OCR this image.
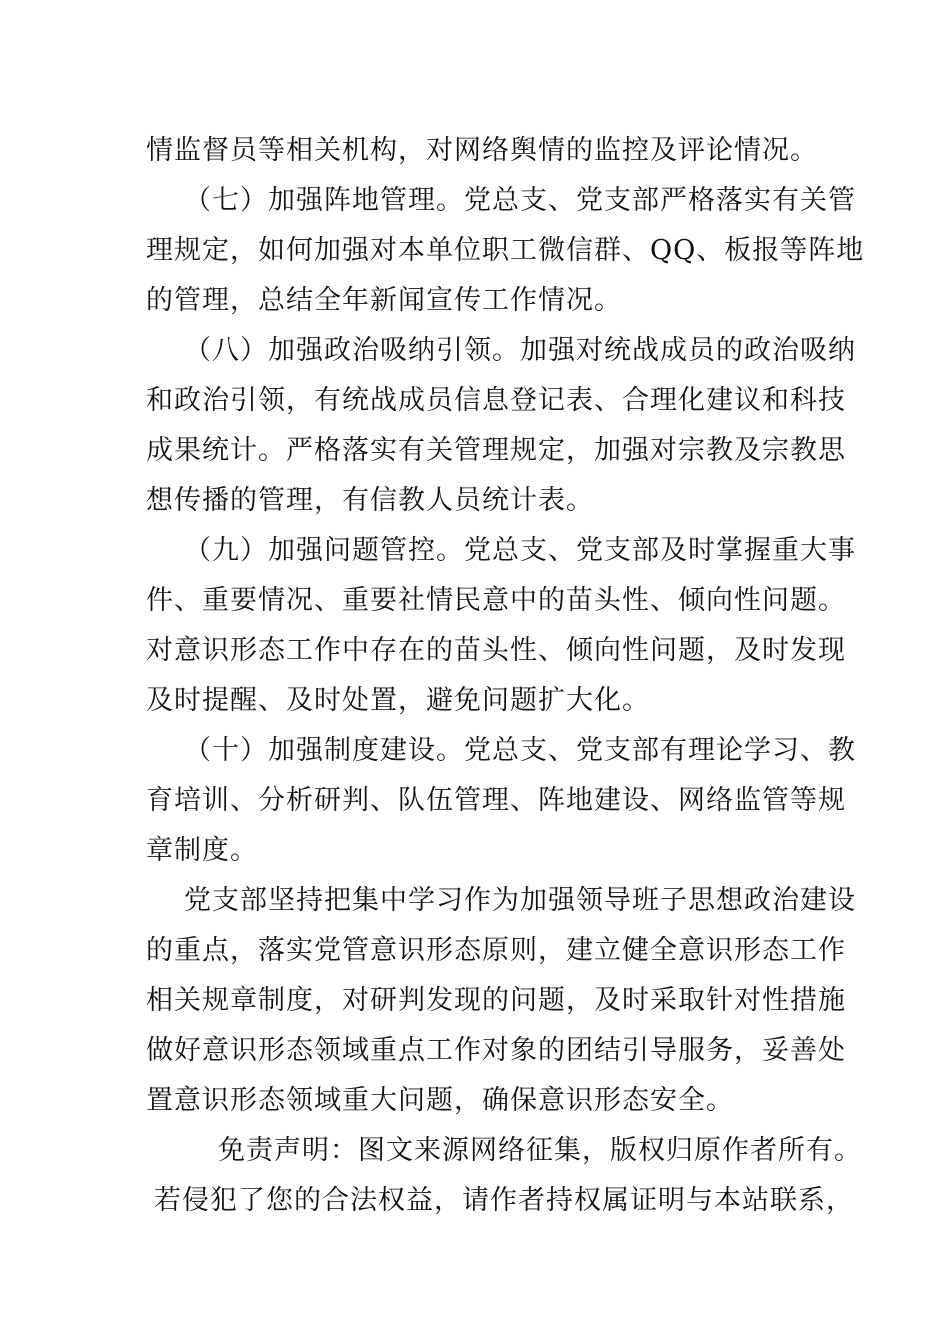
情监督员等相关机构，对网络舆情的监控及评论情况。
（七）加强阵地管理。党总支、党支部严格落实有关管
理规定，如何加强对本单位职工微信群、QQ、板报等阵地
的管理，总结全年新闻宣传工作情况。
（八）加强政治吸纳引领。加强对统战成员的政治吸纳
和政治引领，有统战成员信息登记表、合理化建议和科技
成果统计。严格落实有关管理规定，加强对宗教及宗教思
想传播的管理，有信教人员统计表。
（九）加强问题管控。党总支、党支部及时掌握重大事
件、重要情况、重要社情民意中的苗头性、倾向性问题。
对意识形态工作中存在的苗头性、倾向性问题，及时发现
及时提醒、及时处置，避免问题扩大化。
（十）加强制度建设。党总支、党支部有理论学习、教
育培训、分析研判、队伍管理、阵地建设、网络监管等规
章制度。
党支部坚持把集中学习作为加强领导班子思想政治建设
的重点，落实党管意识形态原则，建立健全意识形态工作
相关规章制度，对研判发现的问题，及时采取针对性措施
做好意识形态领域重点工作对象的团结引导服务，妥善处
置意识形态领域重大问题，确保意识形态安全。
免责声明：图文来源网络征集，版权归原作者所有。
若侵犯了您的合法权益，请作者持权属证明与本站联系，
